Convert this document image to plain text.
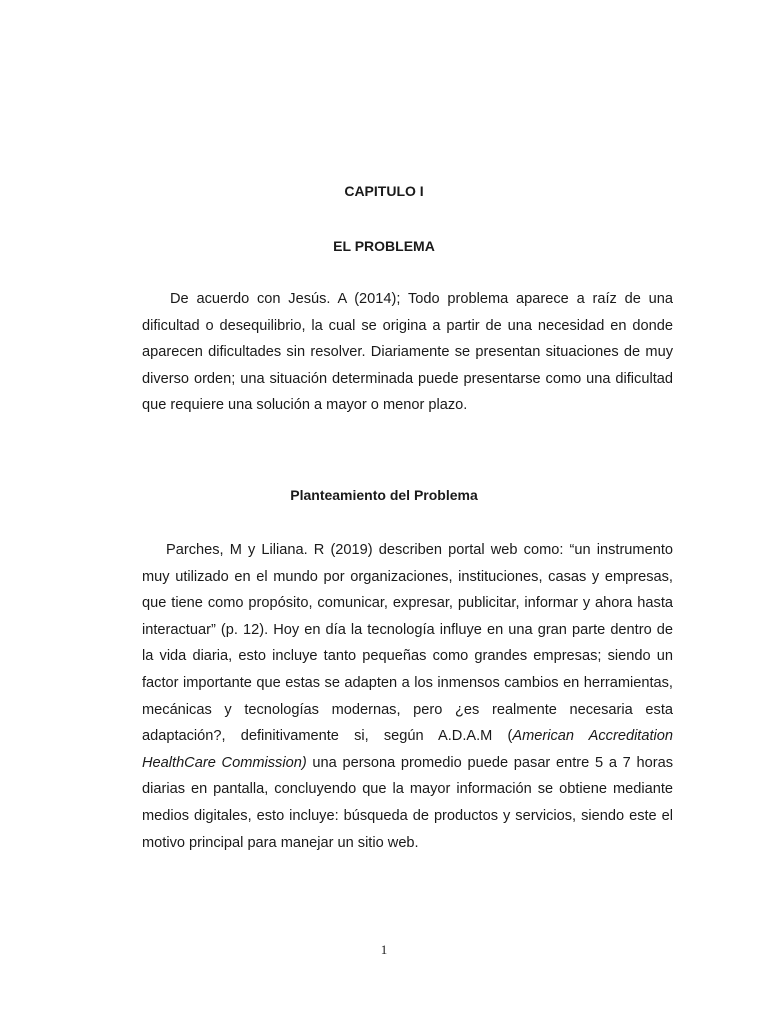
CAPITULO I
EL PROBLEMA

De acuerdo con Jesús. A (2014); Todo problema aparece a raíz de una dificultad o desequilibrio, la cual se origina a partir de una necesidad en donde aparecen dificultades sin resolver. Diariamente se presentan situaciones de muy diverso orden; una situación determinada puede presentarse como una dificultad que requiere una solución a mayor o menor plazo.

Planteamiento del Problema

Parches, M y Liliana. R (2019) describen portal web como: “un instrumento muy utilizado en el mundo por organizaciones, instituciones, casas y empresas, que tiene como propósito, comunicar, expresar, publicitar, informar y ahora hasta interactuar” (p. 12). Hoy en día la tecnología influye en una gran parte dentro de la vida diaria, esto incluye tanto pequeñas como grandes empresas; siendo un factor importante que estas se adapten a los inmensos cambios en herramientas, mecánicas y tecnologías modernas, pero ¿es realmente necesaria esta adaptación?, definitivamente si, según A.D.A.M (American Accreditation HealthCare Commission) una persona promedio puede pasar entre 5 a 7 horas diarias en pantalla, concluyendo que la mayor información se obtiene mediante medios digitales, esto incluye: búsqueda de productos y servicios, siendo este el motivo principal para manejar un sitio web.

1
